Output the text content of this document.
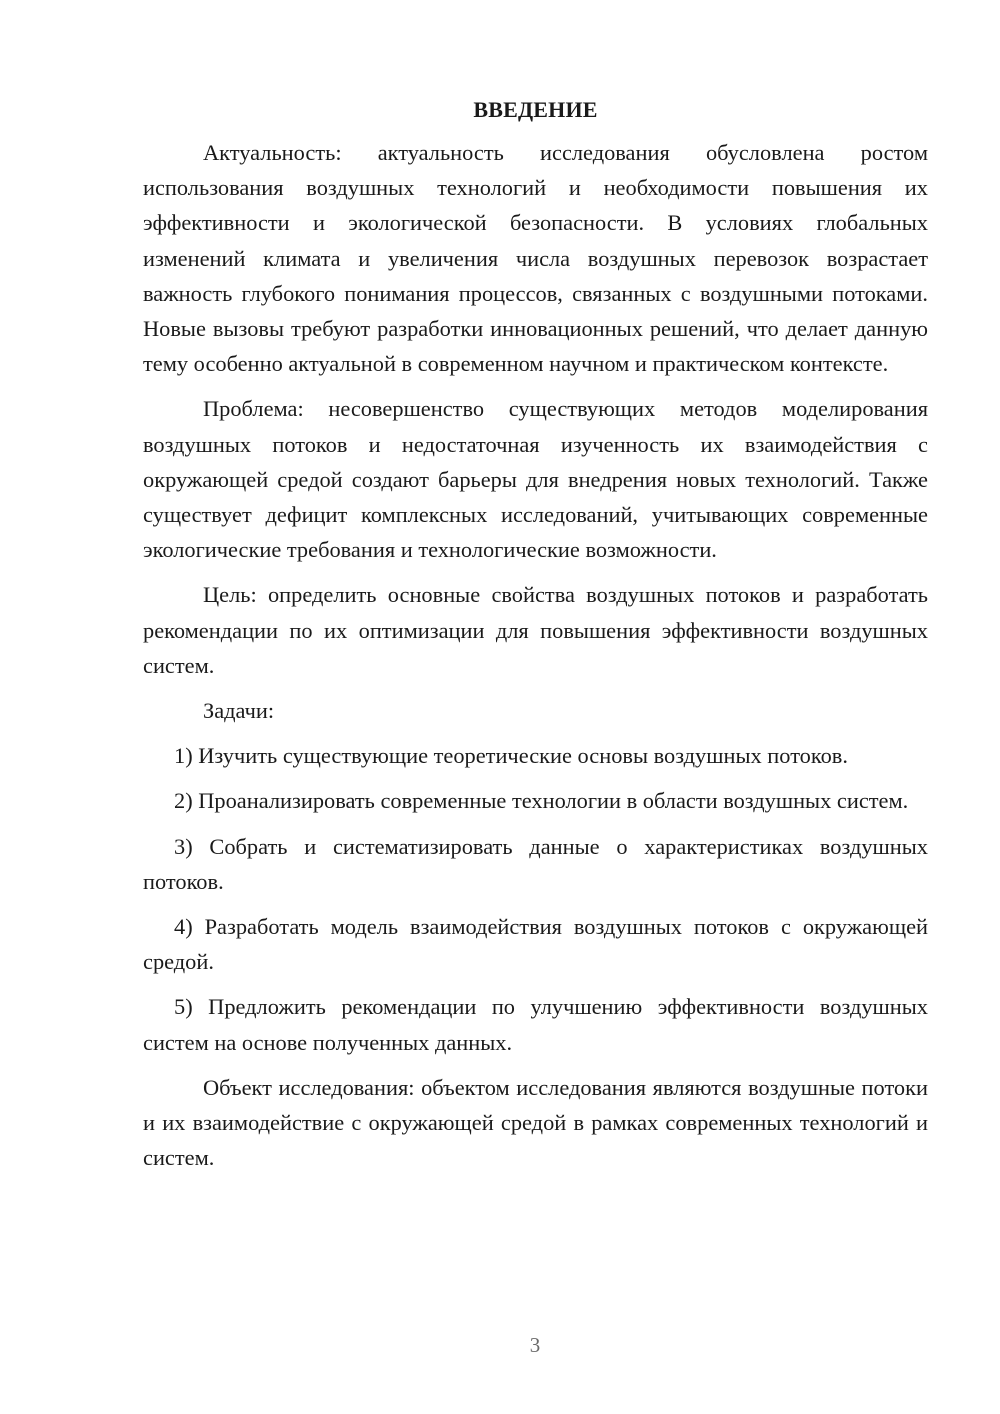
ВВЕДЕНИЕ

Актуальность: актуальность исследования обусловлена ростом использования воздушных технологий и необходимости повышения их эффективности и экологической безопасности. В условиях глобальных изменений климата и увеличения числа воздушных перевозок возрастает важность глубокого понимания процессов, связанных с воздушными потоками. Новые вызовы требуют разработки инновационных решений, что делает данную тему особенно актуальной в современном научном и практическом контексте.

Проблема: несовершенство существующих методов моделирования воздушных потоков и недостаточная изученность их взаимодействия с окружающей средой создают барьеры для внедрения новых технологий. Также существует дефицит комплексных исследований, учитывающих современные экологические требования и технологические возможности.

Цель: определить основные свойства воздушных потоков и разработать рекомендации по их оптимизации для повышения эффективности воздушных систем.

Задачи:

1) Изучить существующие теоретические основы воздушных потоков.

2) Проанализировать современные технологии в области воздушных систем.

3) Собрать и систематизировать данные о характеристиках воздушных потоков.

4) Разработать модель взаимодействия воздушных потоков с окружающей средой.

5) Предложить рекомендации по улучшению эффективности воздушных систем на основе полученных данных.

Объект исследования: объектом исследования являются воздушные потоки и их взаимодействие с окружающей средой в рамках современных технологий и систем.

3
